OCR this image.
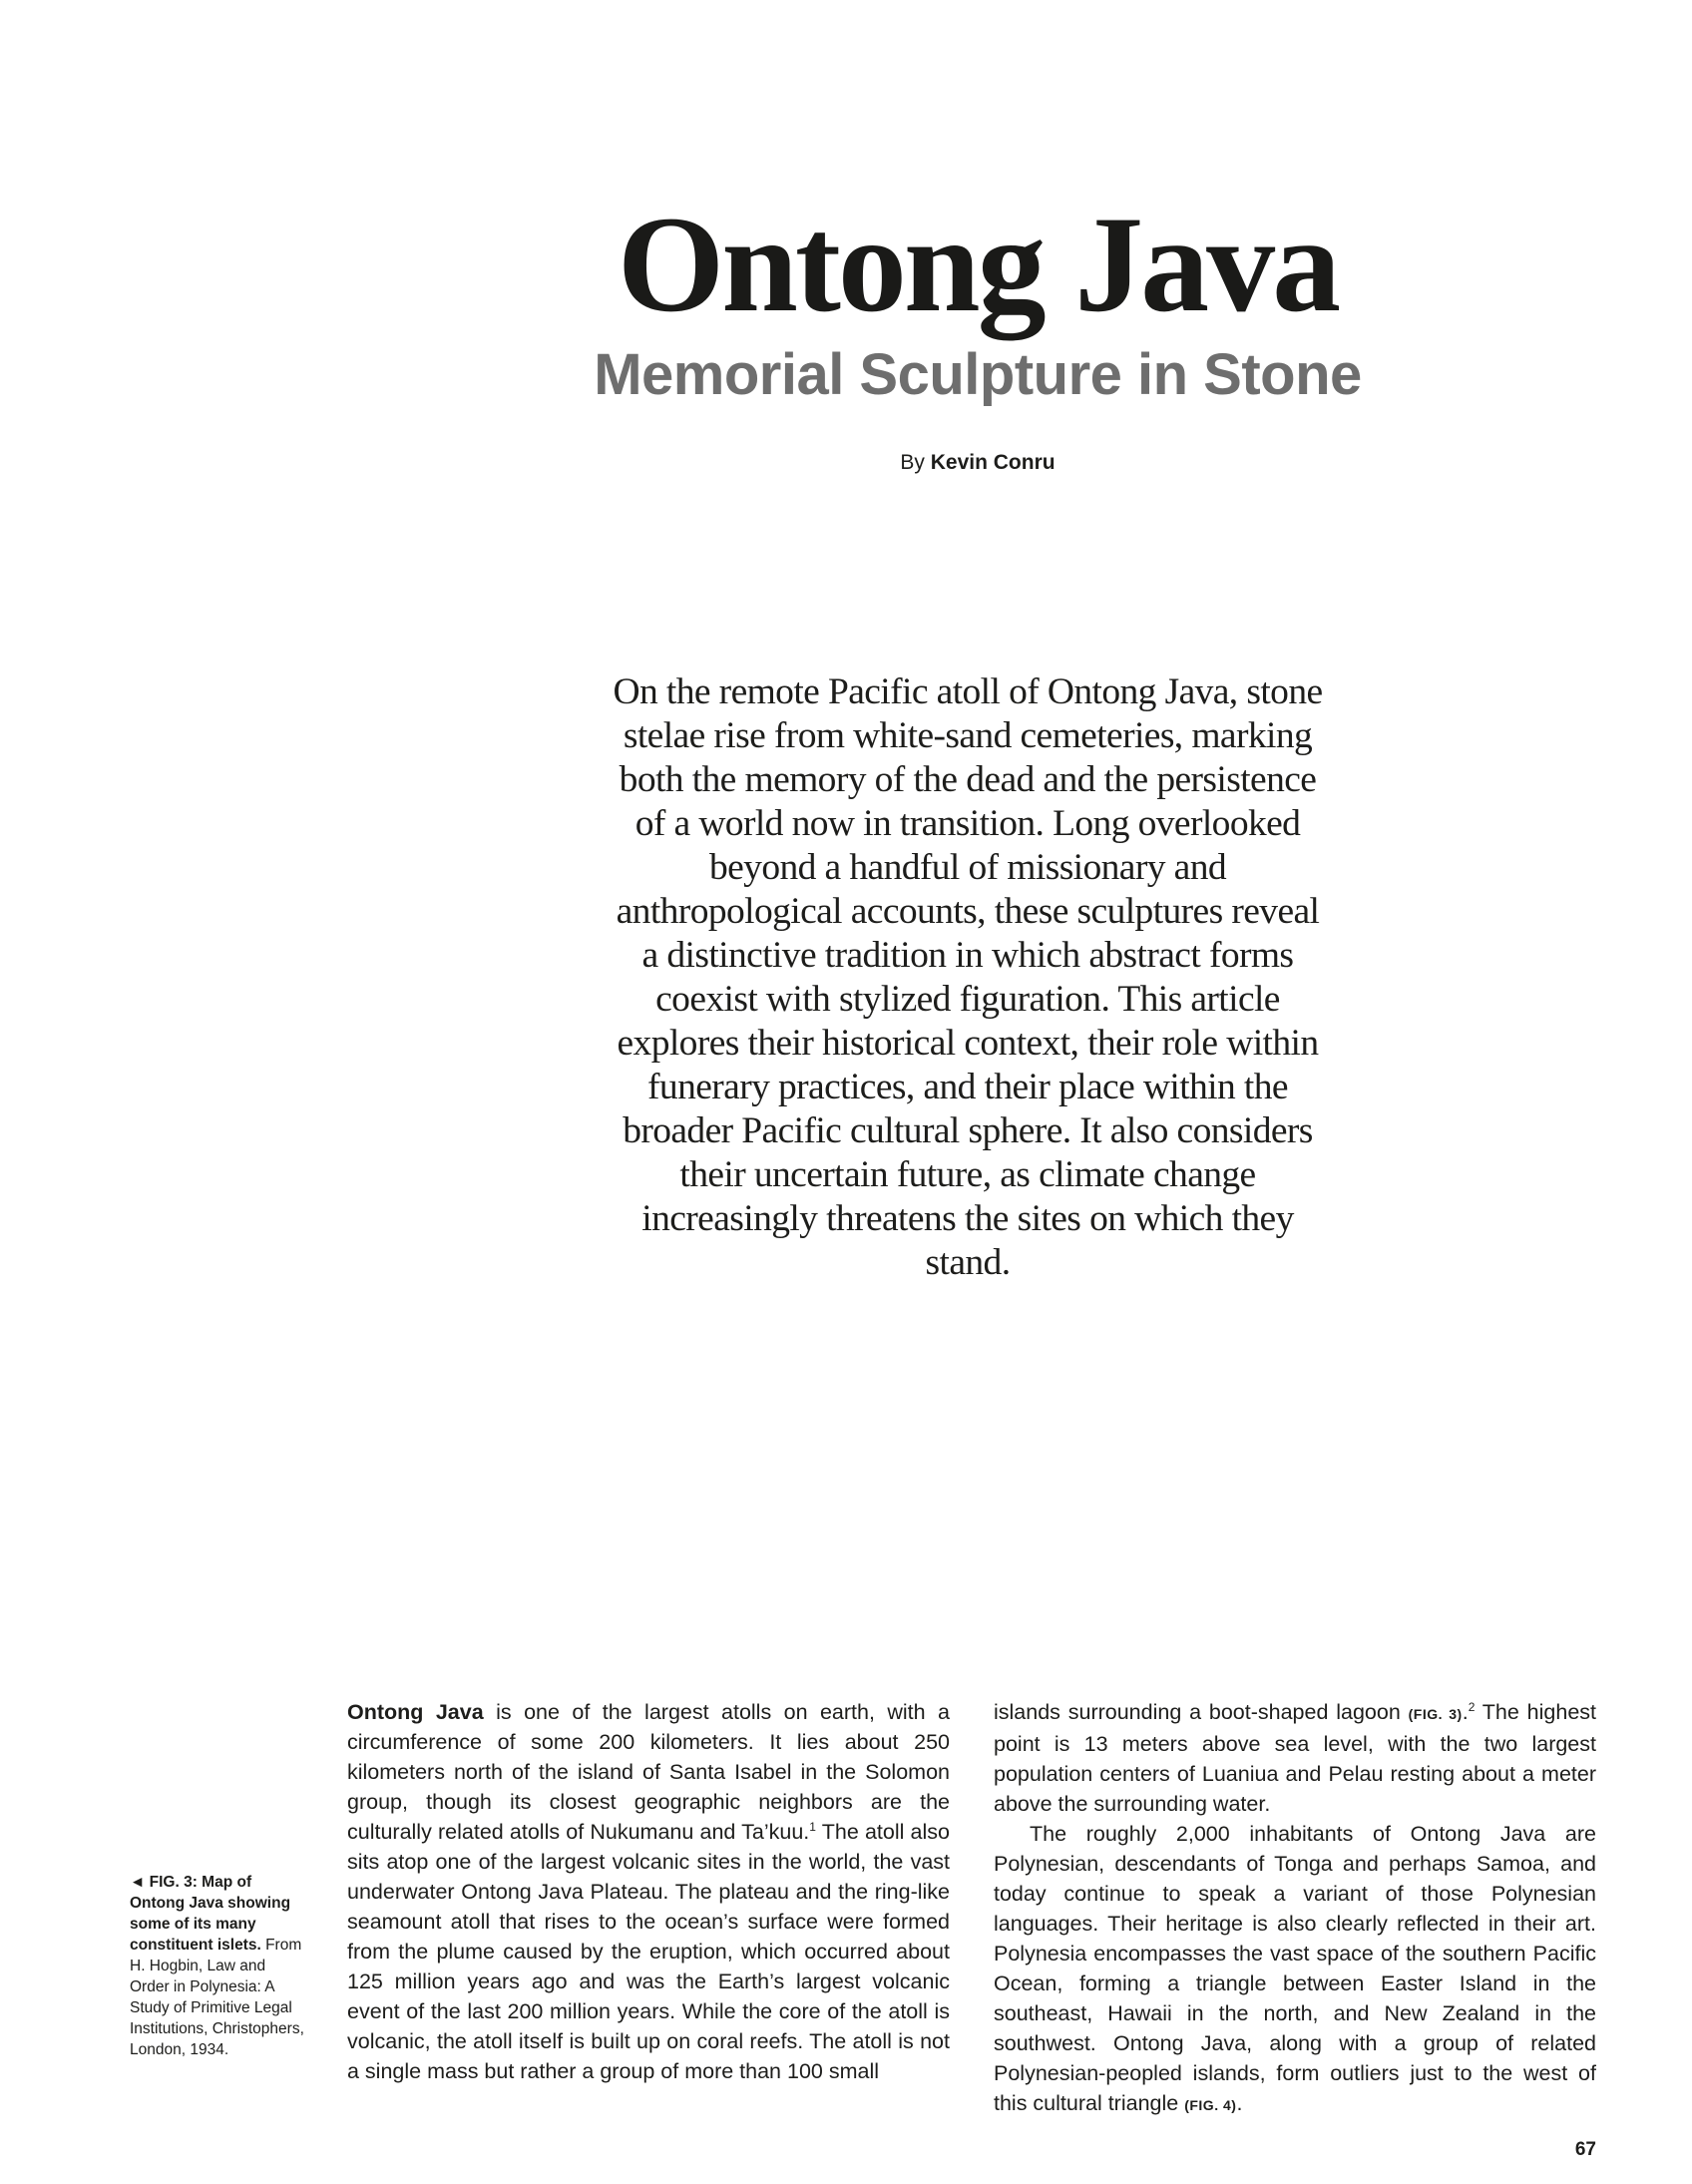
Ontong Java
Memorial Sculpture in Stone
By Kevin Conru

On the remote Pacific atoll of Ontong Java, stone stelae rise from white-sand cemeteries, marking both the memory of the dead and the persistence of a world now in transition. Long overlooked beyond a handful of missionary and anthropological accounts, these sculptures reveal a distinctive tradition in which abstract forms coexist with stylized figuration. This article explores their historical context, their role within funerary practices, and their place within the broader Pacific cultural sphere. It also considers their uncertain future, as climate change increasingly threatens the sites on which they stand.

◄ FIG. 3: Map of Ontong Java showing some of its many constituent islets. From H. Hogbin, Law and Order in Polynesia: A Study of Primitive Legal Institutions, Christophers, London, 1934.

Ontong Java is one of the largest atolls on earth, with a circumference of some 200 kilometers. It lies about 250 kilometers north of the island of Santa Isabel in the Solomon group, though its closest geographic neighbors are the culturally related atolls of Nukumanu and Ta’kuu.$^1$ The atoll also sits atop one of the largest volcanic sites in the world, the vast underwater Ontong Java Plateau. The plateau and the ring-like seamount atoll that rises to the ocean’s surface were formed from the plume caused by the eruption, which occurred about 125 million years ago and was the Earth’s largest volcanic event of the last 200 million years. While the core of the atoll is volcanic, the atoll itself is built up on coral reefs. The atoll is not a single mass but rather a group of more than 100 small

islands surrounding a boot-shaped lagoon (FIG. 3).$^2$ The highest point is 13 meters above sea level, with the two largest population centers of Luaniua and Pelau resting about a meter above the surrounding water.

The roughly 2,000 inhabitants of Ontong Java are Polynesian, descendants of Tonga and perhaps Samoa, and today continue to speak a variant of those Polynesian languages. Their heritage is also clearly reflected in their art. Polynesia encompasses the vast space of the southern Pacific Ocean, forming a triangle between Easter Island in the southeast, Hawaii in the north, and New Zealand in the southwest. Ontong Java, along with a group of related Polynesian-peopled islands, form outliers just to the west of this cultural triangle (FIG. 4).

67
